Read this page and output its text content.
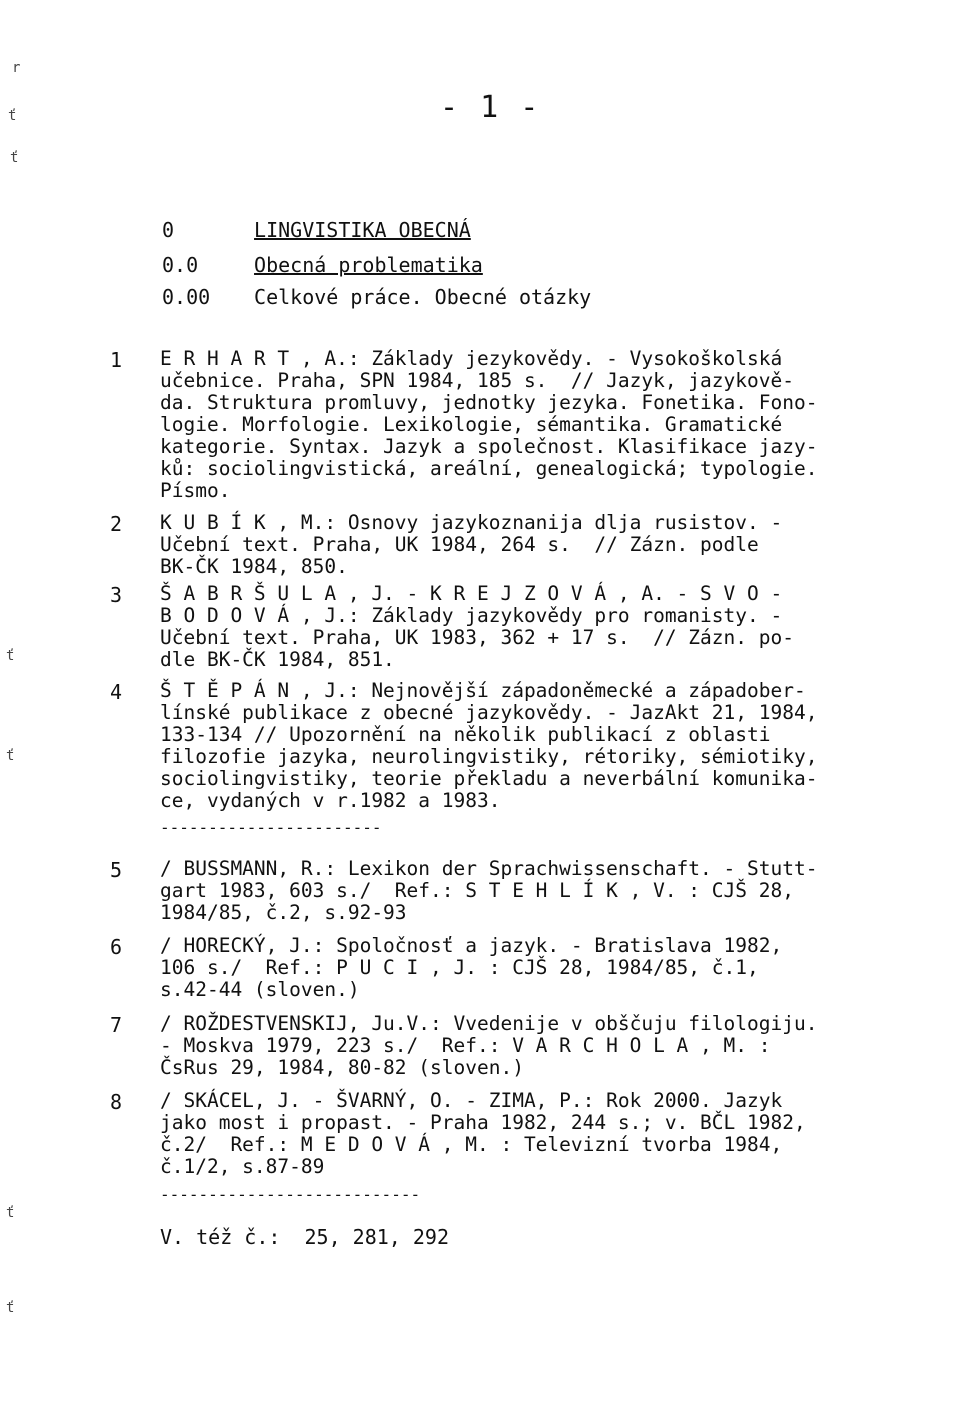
- 1 -
r
ť
ť
ť
ť
ť
ť
0	LINGVISTIKA OBECNÁ
0.0	Obecná problematika
0.00 Celkové práce. Obecné otázky
1 E R H A R T , A.: Základy jezykovědy. - Vysokoškolská
učebnice. Praha, SPN 1984, 185 s.  // Jazyk, jazykově-
da. Struktura promluvy, jednotky jezyka. Fonetika. Fono-
logie. Morfologie. Lexikologie, sémantika. Gramatické
kategorie. Syntax. Jazyk a společnost. Klasifikace jazy-
ků: sociolingvistická, areální, genealogická; typologie.
Písmo.
2 K U B Í K , M.: Osnovy jazykoznanija dlja rusistov. -
Učební text. Praha, UK 1984, 264 s.  // Zázn. podle
BK-ČK 1984, 850.
3 Š A B R Š U L A , J. - K R E J Z O V Á , A. - S V O -
B O D O V Á , J.: Základy jazykovědy pro romanisty. -
Učební text. Praha, UK 1983, 362 + 17 s.  // Zázn. po-
dle BK-ČK 1984, 851.
4 Š T Ě P Á N , J.: Nejnovější západoněmecké a západober-
línské publikace z obecné jazykovědy. - JazAkt 21, 1984,
133-134 // Upozornění na několik publikací z oblasti
filozofie jazyka, neurolingvistiky, rétoriky, sémiotiky,
sociolingvistiky, teorie překladu a neverbální komunika-
ce, vydaných v r.1982 a 1983.
-----------------------
5 / BUSSMANN, R.: Lexikon der Sprachwissenschaft. - Stutt-
gart 1983, 603 s./  Ref.: S T E H L Í K , V. : CJŠ 28,
1984/85, č.2, s.92-93
6 / HORECKÝ, J.: Spoločnosť a jazyk. - Bratislava 1982,
106 s./  Ref.: P U C I , J. : CJŠ 28, 1984/85, č.1,
s.42-44 (sloven.)
7 / ROŽDESTVENSKIJ, Ju.V.: Vvedenije v obščuju filologiju.
- Moskva 1979, 223 s./  Ref.: V A R C H O L A , M. :
ČsRus 29, 1984, 80-82 (sloven.)
8 / SKÁCEL, J. - ŠVARNÝ, O. - ZIMA, P.: Rok 2000. Jazyk
jako most i propast. - Praha 1982, 244 s.; v. BČL 1982,
č.2/  Ref.: M E D O V Á , M. : Televizní tvorba 1984,
č.1/2, s.87-89
---------------------------
V. též č.:  25, 281, 292
